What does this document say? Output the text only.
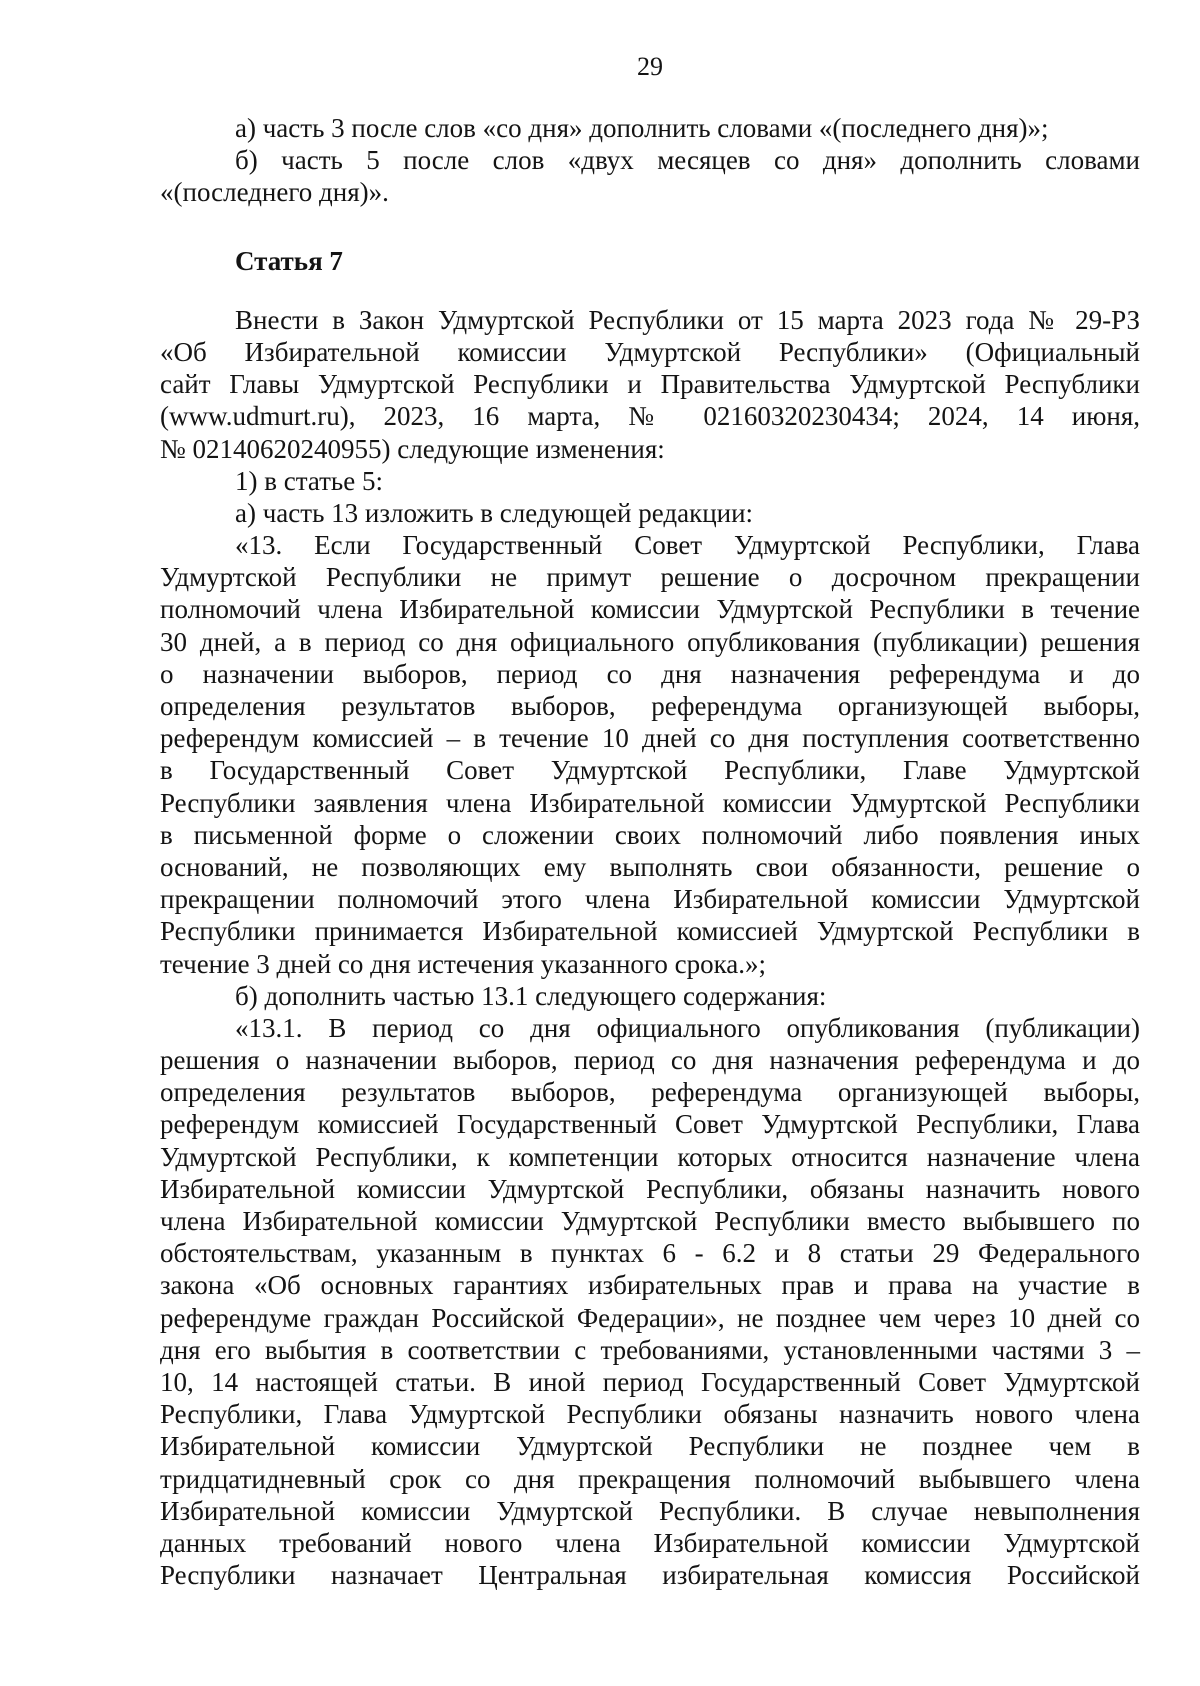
29
а) часть 3 после слов «со дня» дополнить словами «(последнего дня)»;
б) часть 5 после слов «двух месяцев со дня» дополнить словами
«(последнего дня)».
Статья 7
Внести в Закон Удмуртской Республики от 15 марта 2023 года № 29-РЗ
«Об Избирательной комиссии Удмуртской Республики» (Официальный
сайт Главы Удмуртской Республики и Правительства Удмуртской Республики
(www.udmurt.ru), 2023, 16 марта, № 02160320230434; 2024, 14 июня,
№ 02140620240955) следующие изменения:
1) в статье 5:
а) часть 13 изложить в следующей редакции:
«13. Если Государственный Совет Удмуртской Республики, Глава
Удмуртской Республики не примут решение о досрочном прекращении
полномочий члена Избирательной комиссии Удмуртской Республики в течение
30 дней, а в период со дня официального опубликования (публикации) решения
о назначении выборов, период со дня назначения референдума и до
определения результатов выборов, референдума организующей выборы,
референдум комиссией – в течение 10 дней со дня поступления соответственно
в Государственный Совет Удмуртской Республики, Главе Удмуртской
Республики заявления члена Избирательной комиссии Удмуртской Республики
в письменной форме о сложении своих полномочий либо появления иных
оснований, не позволяющих ему выполнять свои обязанности, решение о
прекращении полномочий этого члена Избирательной комиссии Удмуртской
Республики принимается Избирательной комиссией Удмуртской Республики в
течение 3 дней со дня истечения указанного срока.»;
б) дополнить частью 13.1 следующего содержания:
«13.1. В период со дня официального опубликования (публикации)
решения о назначении выборов, период со дня назначения референдума и до
определения результатов выборов, референдума организующей выборы,
референдум комиссией Государственный Совет Удмуртской Республики, Глава
Удмуртской Республики, к компетенции которых относится назначение члена
Избирательной комиссии Удмуртской Республики, обязаны назначить нового
члена Избирательной комиссии Удмуртской Республики вместо выбывшего по
обстоятельствам, указанным в пунктах 6 - 6.2 и 8 статьи 29 Федерального
закона «Об основных гарантиях избирательных прав и права на участие в
референдуме граждан Российской Федерации», не позднее чем через 10 дней со
дня его выбытия в соответствии с требованиями, установленными частями 3 –
10, 14 настоящей статьи. В иной период Государственный Совет Удмуртской
Республики, Глава Удмуртской Республики обязаны назначить нового члена
Избирательной комиссии Удмуртской Республики не позднее чем в
тридцатидневный срок со дня прекращения полномочий выбывшего члена
Избирательной комиссии Удмуртской Республики. В случае невыполнения
данных требований нового члена Избирательной комиссии Удмуртской
Республики назначает Центральная избирательная комиссия Российской
